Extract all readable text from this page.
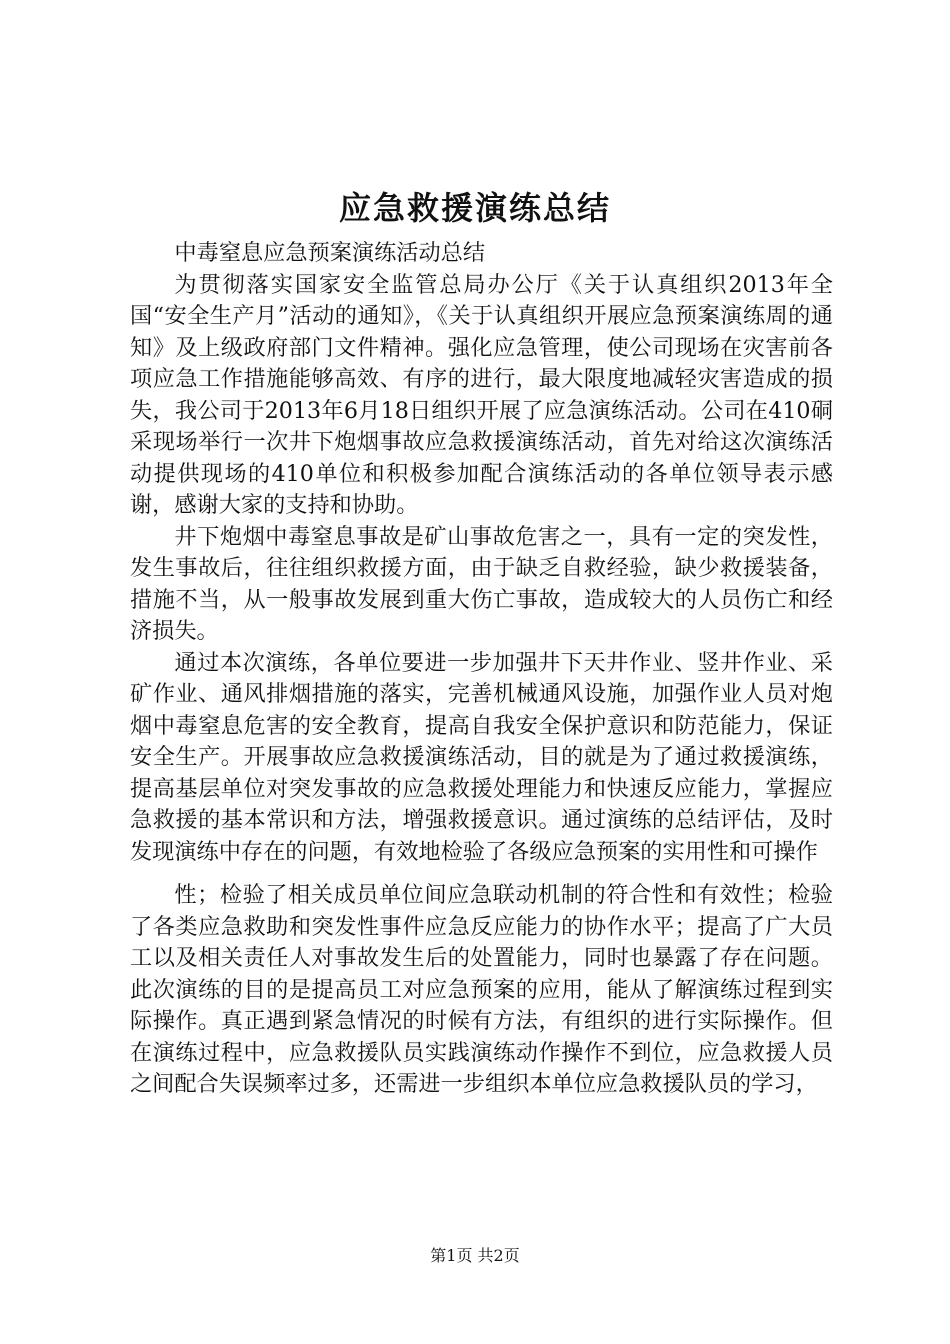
应急救援演练总结

中毒窒息应急预案演练活动总结

为贯彻落实国家安全监管总局办公厅《关于认真组织2013年全国“安全生产月”活动的通知》，《关于认真组织开展应急预案演练周的通知》及上级政府部门文件精神。强化应急管理，使公司现场在灾害前各项应急工作措施能够高效、有序的进行，最大限度地减轻灾害造成的损失，我公司于2013年6月18日组织开展了应急演练活动。公司在410硐采现场举行一次井下炮烟事故应急救援演练活动，首先对给这次演练活动提供现场的410单位和积极参加配合演练活动的各单位领导表示感谢，感谢大家的支持和协助。

井下炮烟中毒窒息事故是矿山事故危害之一，具有一定的突发性，发生事故后，往往组织救援方面，由于缺乏自救经验，缺少救援装备，措施不当，从一般事故发展到重大伤亡事故，造成较大的人员伤亡和经济损失。

通过本次演练，各单位要进一步加强井下天井作业、竖井作业、采矿作业、通风排烟措施的落实，完善机械通风设施，加强作业人员对炮烟中毒窒息危害的安全教育，提高自我安全保护意识和防范能力，保证安全生产。开展事故应急救援演练活动，目的就是为了通过救援演练，提高基层单位对突发事故的应急救援处理能力和快速反应能力，掌握应急救援的基本常识和方法，增强救援意识。通过演练的总结评估，及时发现演练中存在的问题，有效地检验了各级应急预案的实用性和可操作

性；检验了相关成员单位间应急联动机制的符合性和有效性；检验了各类应急救助和突发性事件应急反应能力的协作水平；提高了广大员工以及相关责任人对事故发生后的处置能力，同时也暴露了存在问题。此次演练的目的是提高员工对应急预案的应用，能从了解演练过程到实际操作。真正遇到紧急情况的时候有方法，有组织的进行实际操作。但在演练过程中，应急救援队员实践演练动作操作不到位，应急救援人员之间配合失误频率过多，还需进一步组织本单位应急救援队员的学习，

第1页 共2页
